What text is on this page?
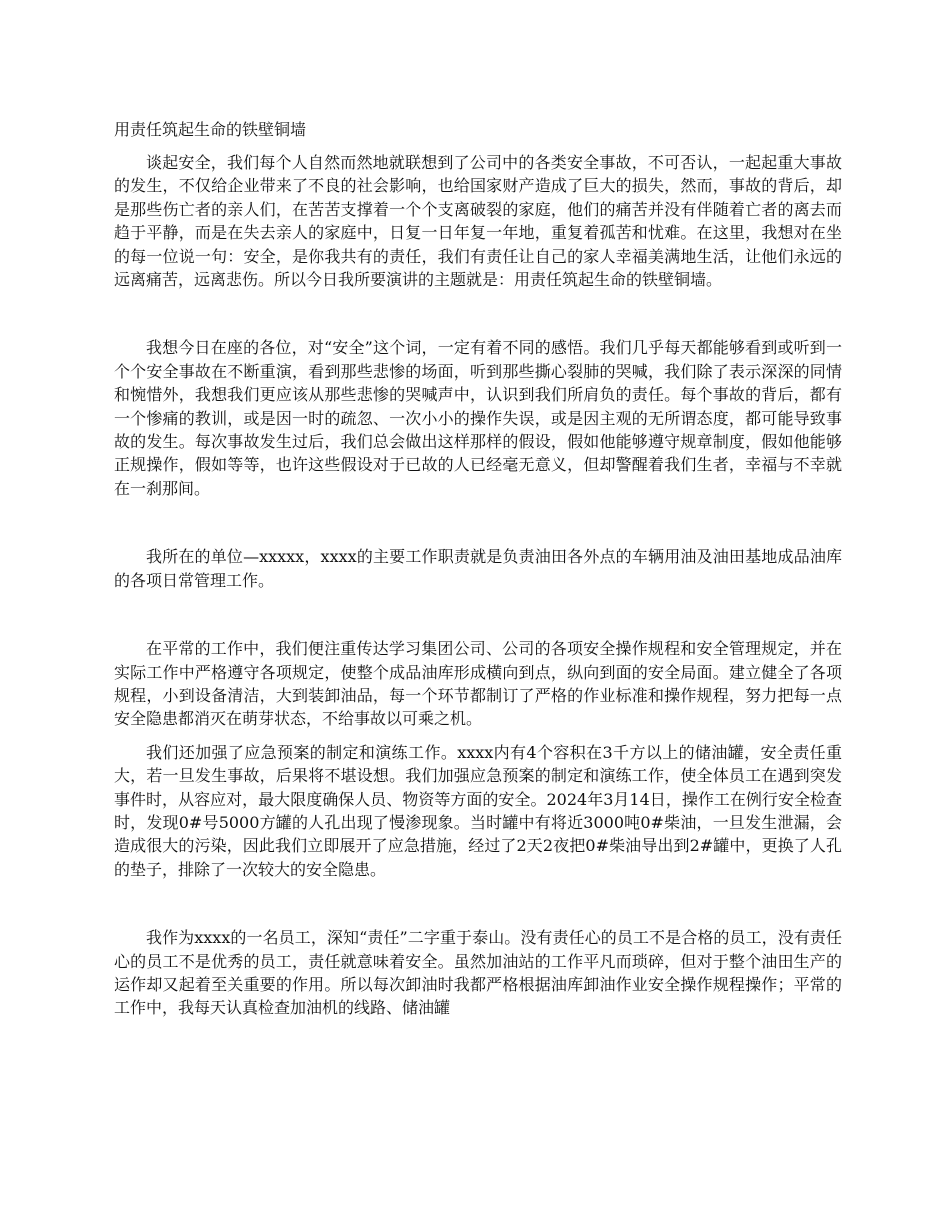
用责任筑起生命的铁壁铜墙

谈起安全，我们每个人自然而然地就联想到了公司中的各类安全事故，不可否认，一起起重大事故的发生，不仅给企业带来了不良的社会影响，也给国家财产造成了巨大的损失，然而，事故的背后，却是那些伤亡者的亲人们，在苦苦支撑着一个个支离破裂的家庭，他们的痛苦并没有伴随着亡者的离去而趋于平静，而是在失去亲人的家庭中，日复一日年复一年地，重复着孤苦和忧难。在这里，我想对在坐的每一位说一句：安全，是你我共有的责任，我们有责任让自己的家人幸福美满地生活，让他们永远的远离痛苦，远离悲伤。所以今日我所要演讲的主题就是：用责任筑起生命的铁壁铜墙。

我想今日在座的各位，对“安全”这个词，一定有着不同的感悟。我们几乎每天都能够看到或听到一个个安全事故在不断重演，看到那些悲惨的场面，听到那些撕心裂肺的哭喊，我们除了表示深深的同情和惋惜外，我想我们更应该从那些悲惨的哭喊声中，认识到我们所肩负的责任。每个事故的背后，都有一个惨痛的教训，或是因一时的疏忽、一次小小的操作失误，或是因主观的无所谓态度，都可能导致事故的发生。每次事故发生过后，我们总会做出这样那样的假设，假如他能够遵守规章制度，假如他能够正规操作，假如等等，也许这些假设对于已故的人已经毫无意义，但却警醒着我们生者，幸福与不幸就在一刹那间。

我所在的单位—xxxxx，xxxx的主要工作职责就是负责油田各外点的车辆用油及油田基地成品油库的各项日常管理工作。

在平常的工作中，我们便注重传达学习集团公司、公司的各项安全操作规程和安全管理规定，并在实际工作中严格遵守各项规定，使整个成品油库形成横向到点，纵向到面的安全局面。建立健全了各项规程，小到设备清洁，大到装卸油品，每一个环节都制订了严格的作业标准和操作规程，努力把每一点安全隐患都消灭在萌芽状态，不给事故以可乘之机。

我们还加强了应急预案的制定和演练工作。xxxx内有4个容积在3千方以上的储油罐，安全责任重大，若一旦发生事故，后果将不堪设想。我们加强应急预案的制定和演练工作，使全体员工在遇到突发事件时，从容应对，最大限度确保人员、物资等方面的安全。2024年3月14日，操作工在例行安全检查时，发现0#号5000方罐的人孔出现了慢渗现象。当时罐中有将近3000吨0#柴油，一旦发生泄漏，会造成很大的污染，因此我们立即展开了应急措施，经过了2天2夜把0#柴油导出到2#罐中，更换了人孔的垫子，排除了一次较大的安全隐患。

我作为xxxx的一名员工，深知“责任”二字重于泰山。没有责任心的员工不是合格的员工，没有责任心的员工不是优秀的员工，责任就意味着安全。虽然加油站的工作平凡而琐碎，但对于整个油田生产的运作却又起着至关重要的作用。所以每次卸油时我都严格根据油库卸油作业安全操作规程操作；平常的工作中，我每天认真检查加油机的线路、储油罐
